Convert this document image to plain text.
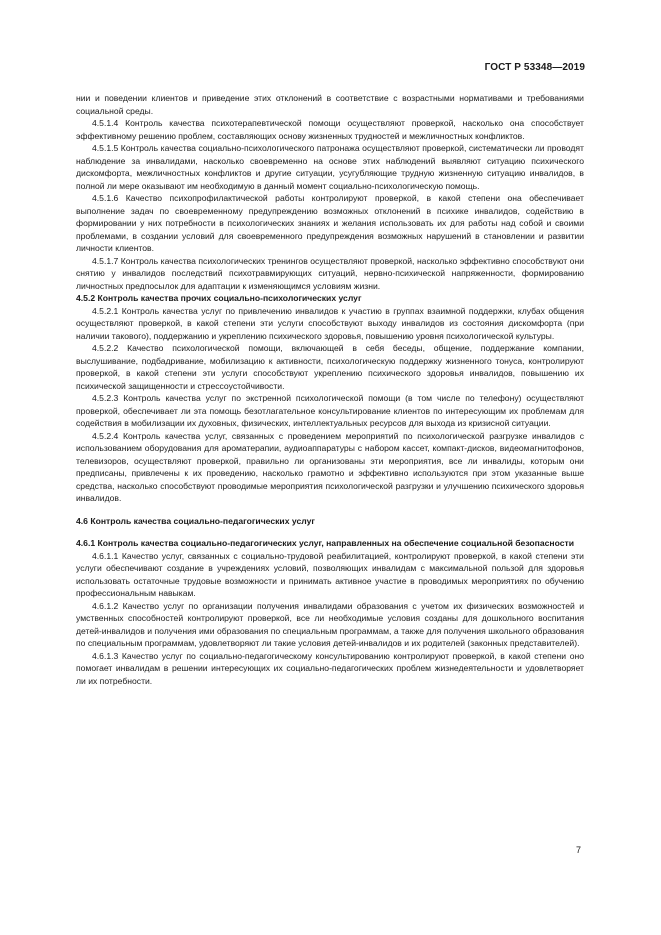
ГОСТ Р 53348—2019

нии и поведении клиентов и приведение этих отклонений в соответствие с возрастными нормативами и требованиями социальной среды.

4.5.1.4 Контроль качества психотерапевтической помощи осуществляют проверкой, насколько она способствует эффективному решению проблем, составляющих основу жизненных трудностей и межличностных конфликтов.

4.5.1.5 Контроль качества социально-психологического патронажа осуществляют проверкой, систематически ли проводят наблюдение за инвалидами, насколько своевременно на основе этих наблюдений выявляют ситуацию психического дискомфорта, межличностных конфликтов и другие ситуации, усугубляющие трудную жизненную ситуацию инвалидов, в полной ли мере оказывают им необходимую в данный момент социально-психологическую помощь.

4.5.1.6 Качество психопрофилактической работы контролируют проверкой, в какой степени она обеспечивает выполнение задач по своевременному предупреждению возможных отклонений в психике инвалидов, содействию в формировании у них потребности в психологических знаниях и желания использовать их для работы над собой и своими проблемами, в создании условий для своевременного предупреждения возможных нарушений в становлении и развитии личности клиентов.

4.5.1.7 Контроль качества психологических тренингов осуществляют проверкой, насколько эффективно способствуют они снятию у инвалидов последствий психотравмирующих ситуаций, нервно-психической напряженности, формированию личностных предпосылок для адаптации к изменяющимся условиям жизни.

4.5.2 Контроль качества прочих социально-психологических услуг

4.5.2.1 Контроль качества услуг по привлечению инвалидов к участию в группах взаимной поддержки, клубах общения осуществляют проверкой, в какой степени эти услуги способствуют выходу инвалидов из состояния дискомфорта (при наличии такового), поддержанию и укреплению психического здоровья, повышению уровня психологической культуры.

4.5.2.2 Качество психологической помощи, включающей в себя беседы, общение, поддержание компании, выслушивание, подбадривание, мобилизацию к активности, психологическую поддержку жизненного тонуса, контролируют проверкой, в какой степени эти услуги способствуют укреплению психического здоровья инвалидов, повышению их психической защищенности и стрессоустойчивости.

4.5.2.3 Контроль качества услуг по экстренной психологической помощи (в том числе по телефону) осуществляют проверкой, обеспечивает ли эта помощь безотлагательное консультирование клиентов по интересующим их проблемам для содействия в мобилизации их духовных, физических, интеллектуальных ресурсов для выхода из кризисной ситуации.

4.5.2.4 Контроль качества услуг, связанных с проведением мероприятий по психологической разгрузке инвалидов с использованием оборудования для ароматерапии, аудиоаппаратуры с набором кассет, компакт-дисков, видеомагнитофонов, телевизоров, осуществляют проверкой, правильно ли организованы эти мероприятия, все ли инвалиды, которым они предписаны, привлечены к их проведению, насколько грамотно и эффективно используются при этом указанные выше средства, насколько способствуют проводимые мероприятия психологической разгрузки и улучшению психического здоровья инвалидов.

4.6 Контроль качества социально-педагогических услуг

4.6.1 Контроль качества социально-педагогических услуг, направленных на обеспечение социальной безопасности

4.6.1.1 Качество услуг, связанных с социально-трудовой реабилитацией, контролируют проверкой, в какой степени эти услуги обеспечивают создание в учреждениях условий, позволяющих инвалидам с максимальной пользой для здоровья использовать остаточные трудовые возможности и принимать активное участие в проводимых мероприятиях по обучению профессиональным навыкам.

4.6.1.2 Качество услуг по организации получения инвалидами образования с учетом их физических возможностей и умственных способностей контролируют проверкой, все ли необходимые условия созданы для дошкольного воспитания детей-инвалидов и получения ими образования по специальным программам, а также для получения школьного образования по специальным программам, удовлетворяют ли такие условия детей-инвалидов и их родителей (законных представителей).

4.6.1.3 Качество услуг по социально-педагогическому консультированию контролируют проверкой, в какой степени оно помогает инвалидам в решении интересующих их социально-педагогических проблем жизнедеятельности и удовлетворяет ли их потребности.

7
